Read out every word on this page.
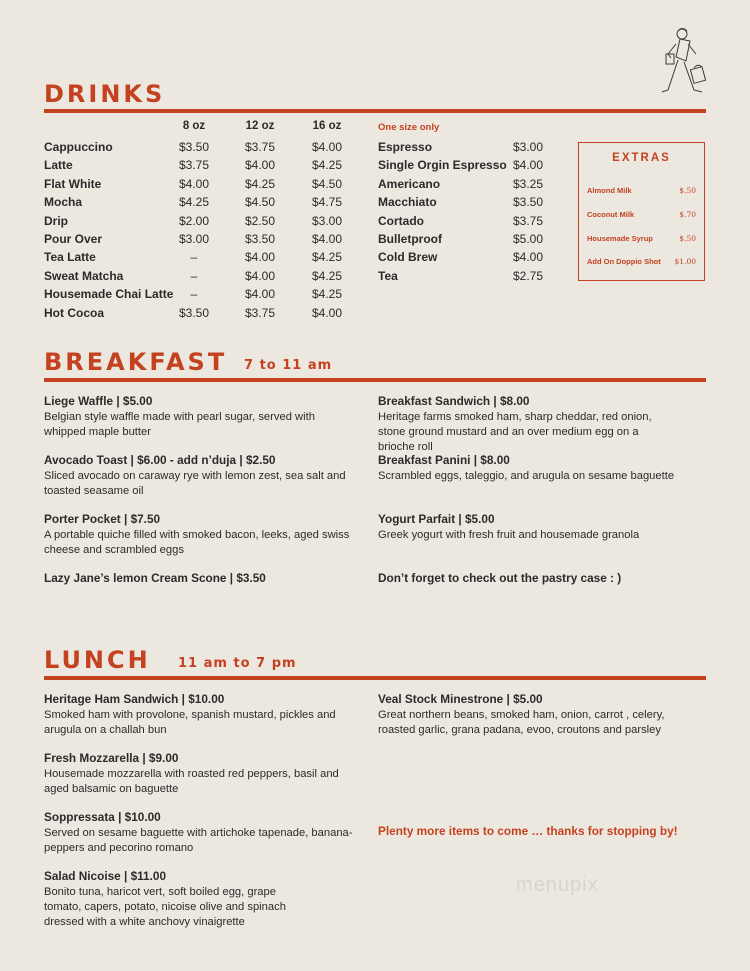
DRINKS
8 oz	12 oz	16 oz
Cappuccino	$3.50	$3.75	$4.00
Latte	$3.75	$4.00	$4.25
Flat White	$4.00	$4.25	$4.50
Mocha	$4.25	$4.50	$4.75
Drip	$2.00	$2.50	$3.00
Pour Over	$3.00	$3.50	$4.00
Tea Latte	–	$4.00	$4.25
Sweat Matcha	–	$4.00	$4.25
Housemade Chai Latte	–	$4.00	$4.25
Hot Cocoa	$3.50	$3.75	$4.00
One size only
Espresso	$3.00
Single Orgin Espresso $4.00
Americano	$3.25
Macchiato	$3.50
Cortado	$3.75
Bulletproof	$5.00
Cold Brew	$4.00
Tea	$2.75
EXTRAS
Almond Milk	$.50
Coconut Milk	$.70
Housemade Syrup	$.50
Add On Doppio Shot $1.00
BREAKFAST 7 to 11 am
Liege Waffle | $5.00
Belgian style waffle made with pearl sugar, served with whipped maple butter
Avocado Toast | $6.00 - add n’duja | $2.50
Sliced avocado on caraway rye with lemon zest, sea salt and toasted seasame oil
Porter Pocket | $7.50
A portable quiche filled with smoked bacon, leeks, aged swiss cheese and scrambled eggs
Lazy Jane’s lemon Cream Scone | $3.50
Breakfast Sandwich | $8.00
Heritage farms smoked ham, sharp cheddar, red onion, stone ground mustard and an over medium egg on a brioche roll
Breakfast Panini | $8.00
Scrambled eggs, taleggio, and arugula on sesame baguette
Yogurt Parfait | $5.00
Greek yogurt with fresh fruit and housemade granola
Don’t forget to check out the pastry case : )
LUNCH 11 am to 7 pm
Heritage Ham Sandwich | $10.00
Smoked ham with provolone, spanish mustard, pickles and arugula on a challah bun
Fresh Mozzarella | $9.00
Housemade mozzarella with roasted red peppers, basil and aged balsamic on baguette
Soppressata | $10.00
Served on sesame baguette with artichoke tapenade, banana-peppers and pecorino romano
Salad Nicoise | $11.00
Bonito tuna, haricot vert, soft boiled egg, grape tomato, capers, potato, nicoise olive and spinach dressed with a white anchovy vinaigrette
Veal Stock Minestrone | $5.00
Great northern beans, smoked ham, onion, carrot , celery, roasted garlic, grana padana, evoo, croutons and parsley
Plenty more items to come … thanks for stopping by!
menupix
